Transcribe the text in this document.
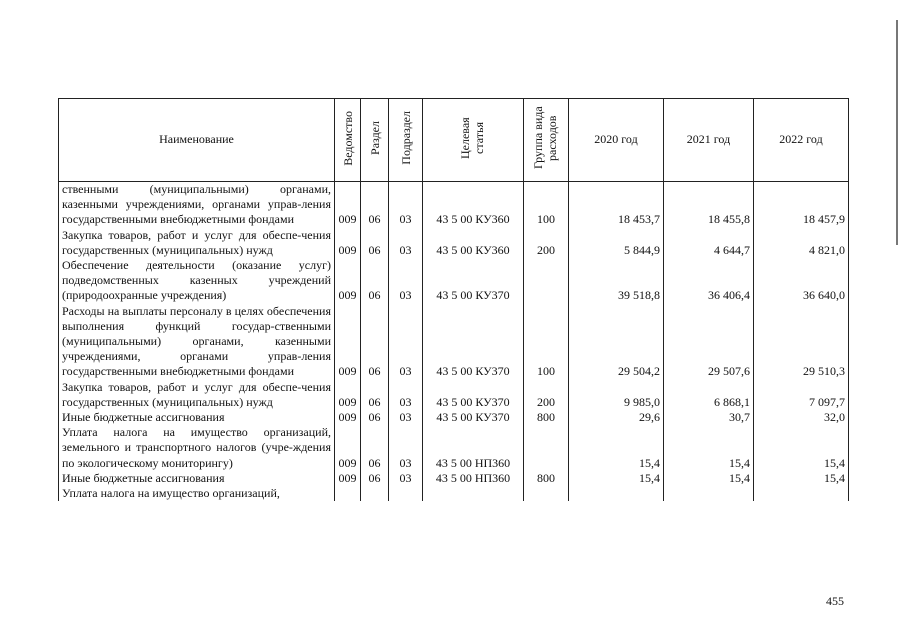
Наименование	Ведомство	Раздел	Подраздел	Целевая статья	Группа вида расходов	2020 год	2021 год	2022 год
ственными (муниципальными) органами, казенными учреждениями, органами управ-ления государственными внебюджетными фондами	009	06	03	43 5 00 КУ360	100	18 453,7	18 455,8	18 457,9
Закупка товаров, работ и услуг для обеспе-чения государственных (муниципальных) нужд	009	06	03	43 5 00 КУ360	200	5 844,9	4 644,7	4 821,0
Обеспечение деятельности (оказание услуг) подведомственных казенных учреждений (природоохранные учреждения)	009	06	03	43 5 00 КУ370		39 518,8	36 406,4	36 640,0
Расходы на выплаты персоналу в целях обеспечения выполнения функций государ-ственными (муниципальными) органами, казенными учреждениями, органами управ-ления государственными внебюджетными фондами	009	06	03	43 5 00 КУ370	100	29 504,2	29 507,6	29 510,3
Закупка товаров, работ и услуг для обеспе-чения государственных (муниципальных) нужд	009	06	03	43 5 00 КУ370	200	9 985,0	6 868,1	7 097,7
Иные бюджетные ассигнования	009	06	03	43 5 00 КУ370	800	29,6	30,7	32,0
Уплата налога на имущество организаций, земельного и транспортного налогов (учре-ждения по экологическому мониторингу)	009	06	03	43 5 00 НП360		15,4	15,4	15,4
Иные бюджетные ассигнования	009	06	03	43 5 00 НП360	800	15,4	15,4	15,4
Уплата налога на имущество организаций,								
455
